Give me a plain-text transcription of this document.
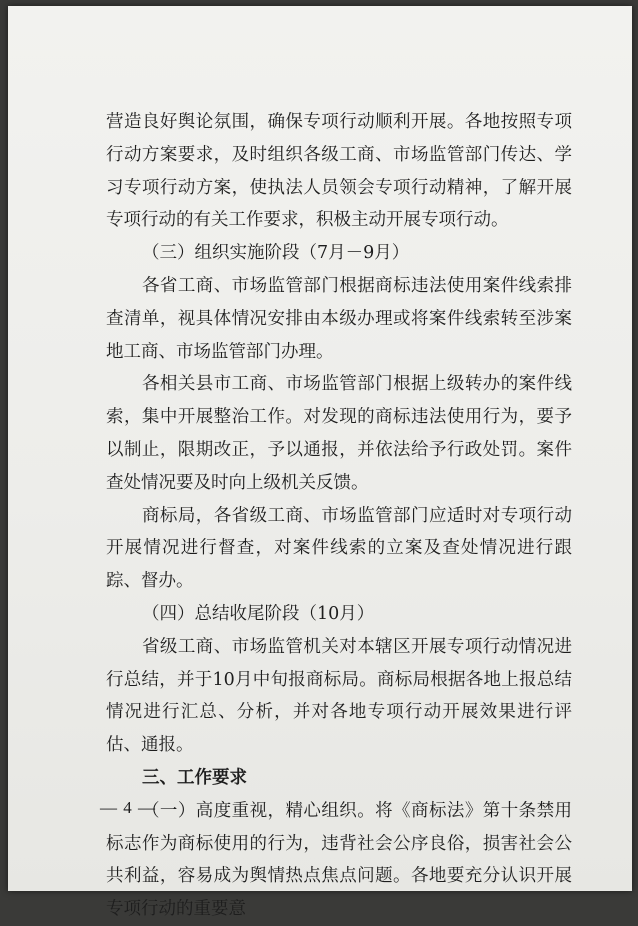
营造良好舆论氛围，确保专项行动顺利开展。各地按照专项行动方案要求，及时组织各级工商、市场监管部门传达、学习专项行动方案，使执法人员领会专项行动精神，了解开展专项行动的有关工作要求，积极主动开展专项行动。

（三）组织实施阶段（7月－9月）

各省工商、市场监管部门根据商标违法使用案件线索排查清单，视具体情况安排由本级办理或将案件线索转至涉案地工商、市场监管部门办理。

各相关县市工商、市场监管部门根据上级转办的案件线索，集中开展整治工作。对发现的商标违法使用行为，要予以制止，限期改正，予以通报，并依法给予行政处罚。案件查处情况要及时向上级机关反馈。

商标局，各省级工商、市场监管部门应适时对专项行动开展情况进行督查，对案件线索的立案及查处情况进行跟踪、督办。

（四）总结收尾阶段（10月）

省级工商、市场监管机关对本辖区开展专项行动情况进行总结，并于10月中旬报商标局。商标局根据各地上报总结情况进行汇总、分析，并对各地专项行动开展效果进行评估、通报。

三、工作要求

（一）高度重视，精心组织。将《商标法》第十条禁用标志作为商标使用的行为，违背社会公序良俗，损害社会公共利益，容易成为舆情热点焦点问题。各地要充分认识开展专项行动的重要意

— 4 —
